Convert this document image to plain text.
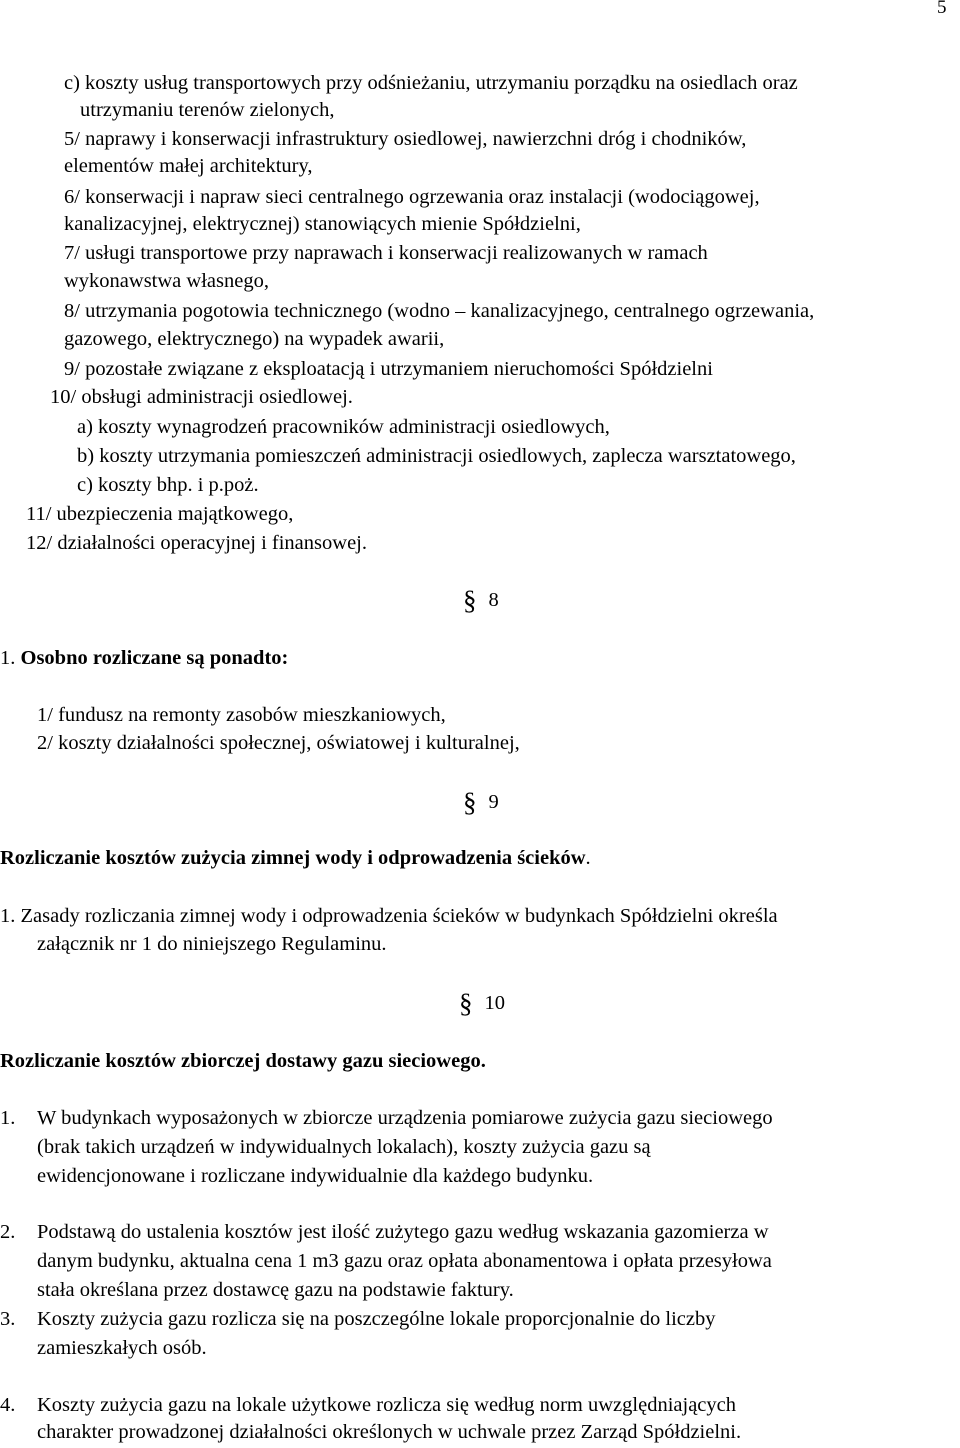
5
c) koszty usług transportowych przy odśnieżaniu, utrzymaniu porządku na osiedlach oraz
utrzymaniu terenów zielonych,
5/ naprawy i konserwacji infrastruktury osiedlowej, nawierzchni dróg i chodników,
elementów małej architektury,
6/ konserwacji i napraw sieci centralnego ogrzewania oraz instalacji (wodociągowej,
kanalizacyjnej, elektrycznej) stanowiących mienie Spółdzielni,
7/ usługi transportowe przy naprawach i konserwacji realizowanych w ramach
wykonawstwa własnego,
8/ utrzymania pogotowia technicznego (wodno – kanalizacyjnego, centralnego ogrzewania,
gazowego, elektrycznego) na wypadek awarii,
9/ pozostałe związane z eksploatacją i utrzymaniem nieruchomości Spółdzielni
10/ obsługi administracji osiedlowej.
a) koszty wynagrodzeń pracowników administracji osiedlowych,
b) koszty utrzymania pomieszczeń administracji osiedlowych, zaplecza warsztatowego,
c) koszty bhp. i p.poż.
11/ ubezpieczenia majątkowego,
12/ działalności operacyjnej i finansowej.
§ 8
1. Osobno rozliczane są ponadto:
1/ fundusz na remonty zasobów mieszkaniowych,
2/ koszty działalności społecznej, oświatowej i kulturalnej,
§ 9
Rozliczanie kosztów zużycia zimnej wody i odprowadzenia ścieków.
1. Zasady rozliczania zimnej wody i odprowadzenia ścieków w budynkach Spółdzielni określa
załącznik nr 1 do niniejszego Regulaminu.
§ 10
Rozliczanie kosztów zbiorczej dostawy gazu sieciowego.
1. W budynkach wyposażonych w zbiorcze urządzenia pomiarowe zużycia gazu sieciowego
(brak takich urządzeń w indywidualnych lokalach), koszty zużycia gazu są
ewidencjonowane i rozliczane indywidualnie dla każdego budynku.
2. Podstawą do ustalenia kosztów jest ilość zużytego gazu według wskazania gazomierza w
danym budynku, aktualna cena 1 m3 gazu oraz opłata abonamentowa i opłata przesyłowa
stała określana przez dostawcę gazu na podstawie faktury.
3. Koszty zużycia gazu rozlicza się na poszczególne lokale proporcjonalnie do liczby
zamieszkałych osób.
4. Koszty zużycia gazu na lokale użytkowe rozlicza się według norm uwzględniających
charakter prowadzonej działalności określonych w uchwale przez Zarząd Spółdzielni.
